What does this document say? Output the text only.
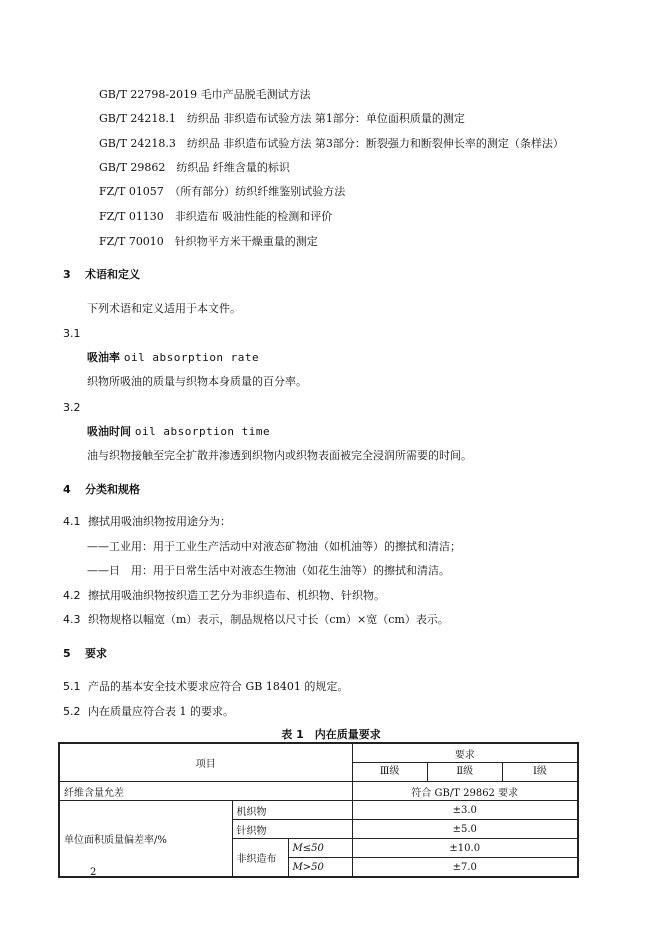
GB/T 22798-2019 毛巾产品脱毛测试方法
GB/T 24218.1　 纺织品 非织造布试验方法 第1部分：单位面积质量的测定
GB/T 24218.3　 纺织品 非织造布试验方法 第3部分：断裂强力和断裂伸长率的测定（条样法）
GB/T 29862　 纺织品 纤维含量的标识
FZ/T 01057　 （所有部分）纺织纤维鉴别试验方法
FZ/T 01130　 非织造布 吸油性能的检测和评价
FZ/T 70010　 针织物平方米干燥重量的测定
3 术语和定义
下列术语和定义适用于本文件。
3.1
吸油率 oil absorption rate
织物所吸油的质量与织物本身质量的百分率。
3.2
吸油时间 oil absorption time
油与织物接触至完全扩散并渗透到织物内或织物表面被完全浸润所需要的时间。
4 分类和规格
4.1 擦拭用吸油织物按用途分为：
——工业用：用于工业生产活动中对液态矿物油（如机油等）的擦拭和清洁；
——日　用：用于日常生活中对液态生物油（如花生油等）的擦拭和清洁。
4.2 擦拭用吸油织物按织造工艺分为非织造布、机织物、针织物。
4.3 织物规格以幅宽（m）表示，制品规格以尺寸长（cm）×宽（cm）表示。
5 要求
5.1 产品的基本安全技术要求应符合 GB 18401 的规定。
5.2 内在质量应符合表 1 的要求。
表 1　内在质量要求
项目			要求

			Ⅲ级 Ⅱ级 Ⅰ级

纤维含量允差			符合 GB/T 29862 要求
单位面积质量偏差率/%	机织物		±3.0
	针织物		±5.0
	非织造布	M≤50	±10.0
		M>50	±7.0
2
